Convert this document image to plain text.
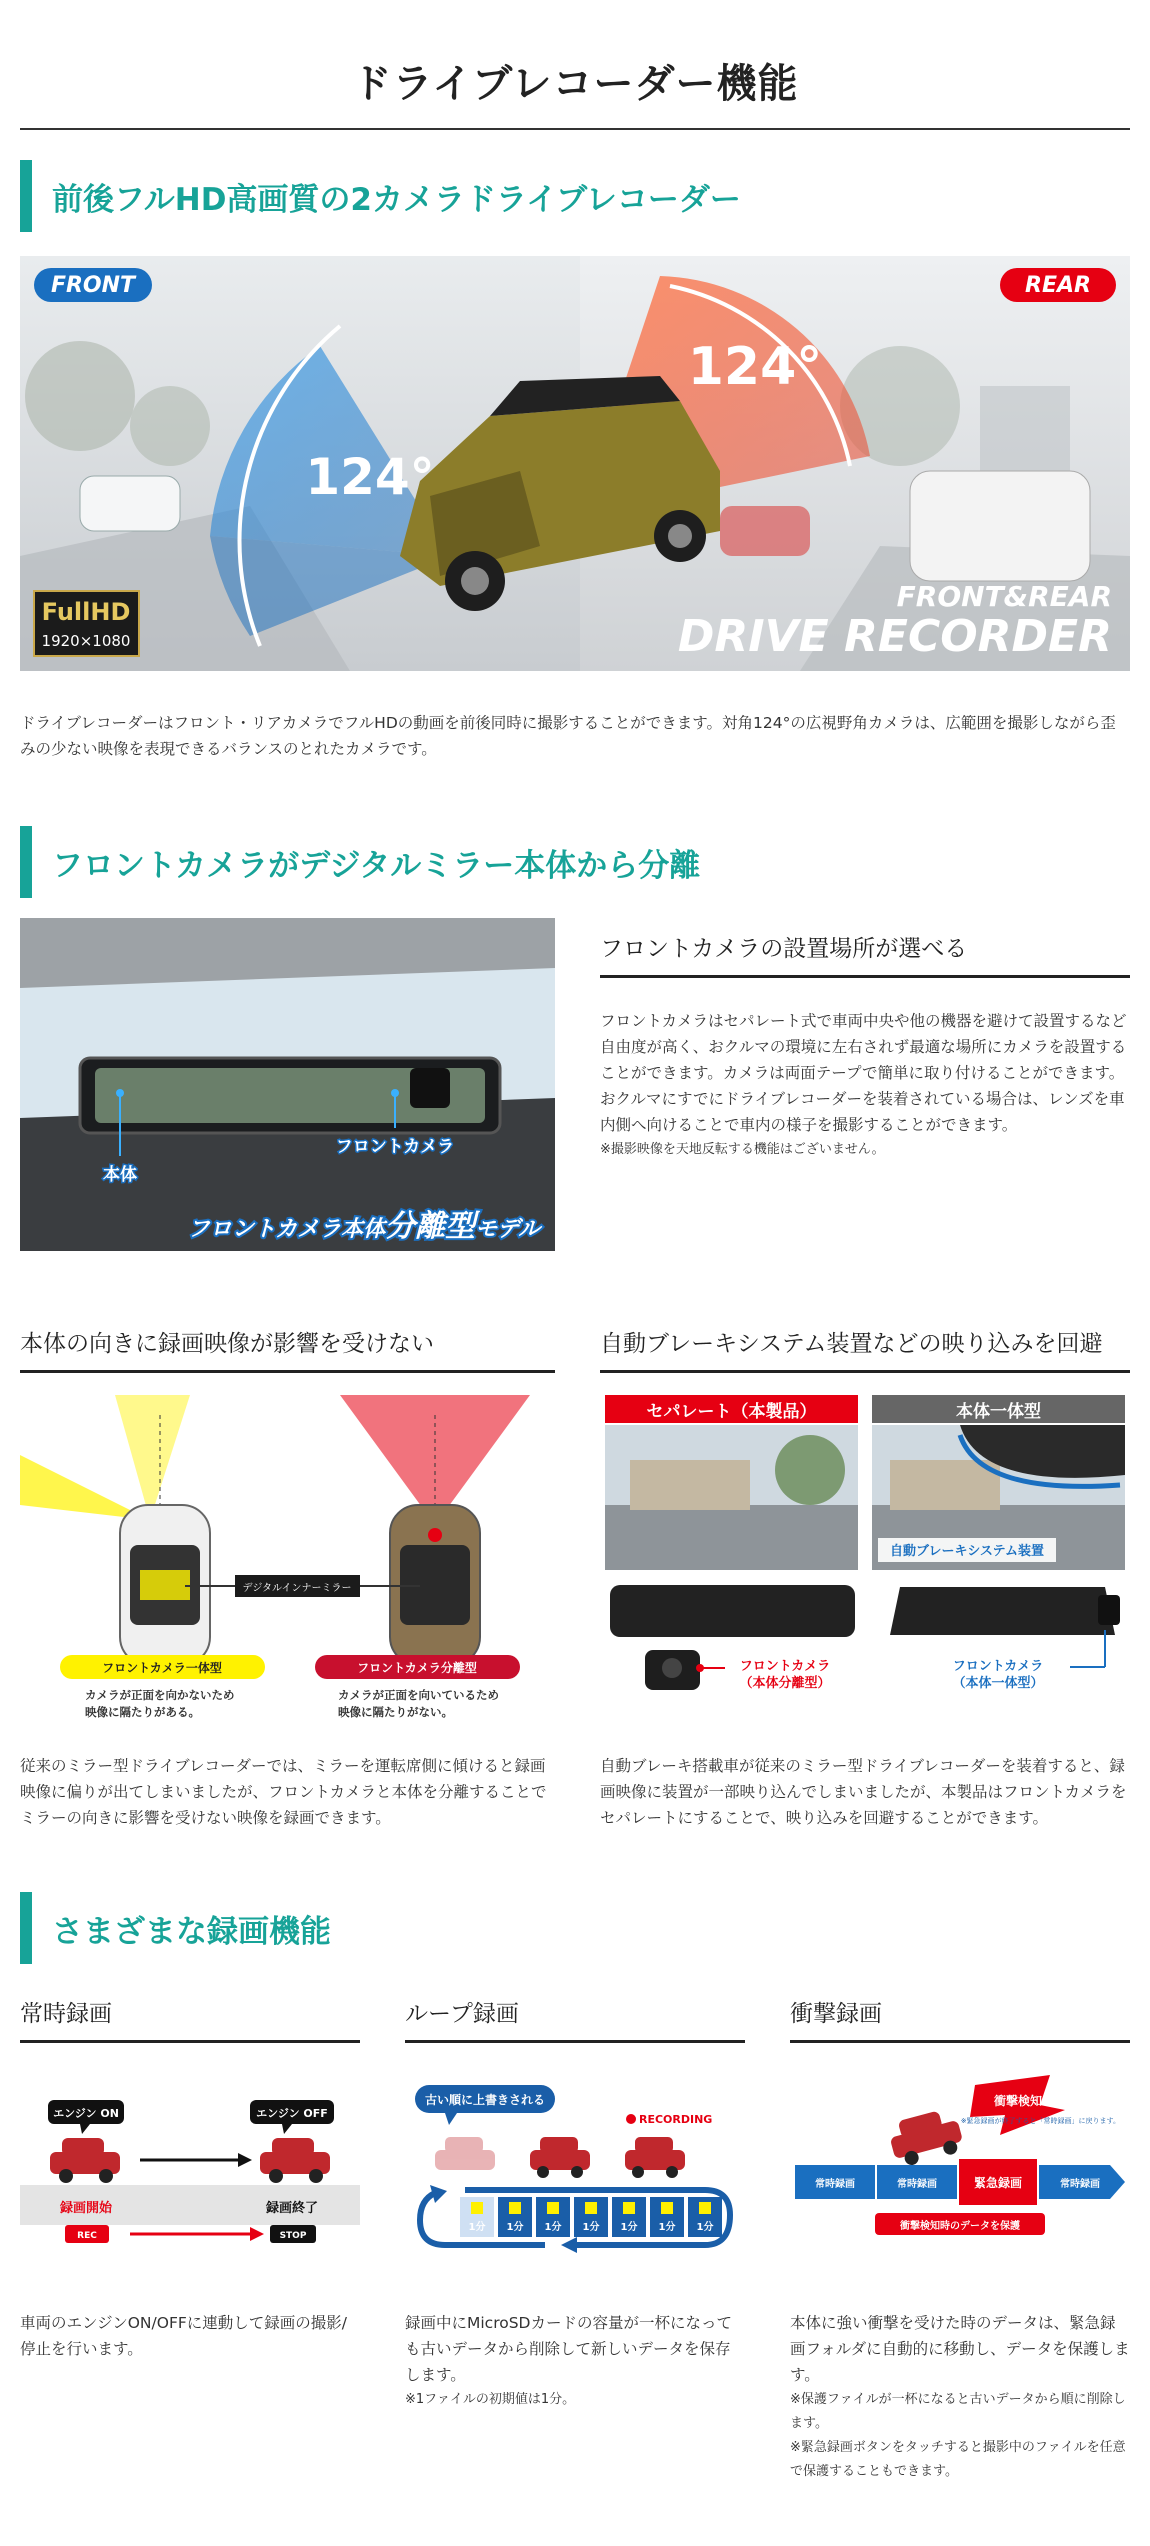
ドライブレコーダー機能
前後フルHD高画質の2カメラドライブレコーダー
124°
124°
FRONT&REAR
DRIVE RECORDER
FullHD
1920×1080
FRONT	REAR
ドライブレコーダーはフロント・リアカメラでフルHDの動画を前後同時に撮影することができます。対角124°の広視野角カメラは、広範囲を撮影しながら歪みの少ない映像を表現できるバランスのとれたカメラです。
フロントカメラがデジタルミラー本体から分離
本体
フロントカメラ
フロントカメラ本体分離型モデル
フロントカメラの設置場所が選べる
フロントカメラはセパレート式で車両中央や他の機器を避けて設置するなど自由度が高く、おクルマの環境に左右されず最適な場所にカメラを設置することができます。カメラは両面テープで簡単に取り付けることができます。
おクルマにすでにドライブレコーダーを装着されている場合は、レンズを車内側へ向けることで車内の様子を撮影することができます。
※撮影映像を天地反転する機能はございません。
本体の向きに録画映像が影響を受けない
デジタルインナーミラー
フロントカメラ一体型	フロントカメラ分離型
カメラが正面を向かないため
映像に隔たりがある。
カメラが正面を向いているため
映像に隔たりがない。
従来のミラー型ドライブレコーダーでは、ミラーを運転席側に傾けると録画映像に偏りが出てしまいましたが、フロントカメラと本体を分離することでミラーの向きに影響を受けない映像を録画できます。
自動ブレーキシステム装置などの映り込みを回避
セパレート（本製品）	本体一体型
自動ブレーキシステム装置
フロントカメラ
（本体分離型）
フロントカメラ
（本体一体型）
自動ブレーキ搭載車が従来のミラー型ドライブレコーダーを装着すると、録画映像に装置が一部映り込んでしまいましたが、本製品はフロントカメラをセパレートにすることで、映り込みを回避することができます。
さまざまな録画機能
常時録画
エンジン ON	エンジン OFF
録画開始	録画終了
REC	STOP
車両のエンジンON/OFFに連動して録画の撮影/停止を行います。
ループ録画
古い順に上書きされる
RECORDING
1分 1分 1分 1分 1分 1分 1分
録画中にMicroSDカードの容量が一杯になっても古いデータから削除して新しいデータを保存します。
※1ファイルの初期値は1分。
衝撃録画
衝撃検知
※緊急録画が終了すると「常時録画」に戻ります。
常時録画	常時録画	緊急録画	常時録画
衝撃検知時のデータを保護
本体に強い衝撃を受けた時のデータは、緊急録画フォルダに自動的に移動し、データを保護します。
※保護ファイルが一杯になると古いデータから順に削除します。
※緊急録画ボタンをタッチすると撮影中のファイルを任意で保護することもできます。
